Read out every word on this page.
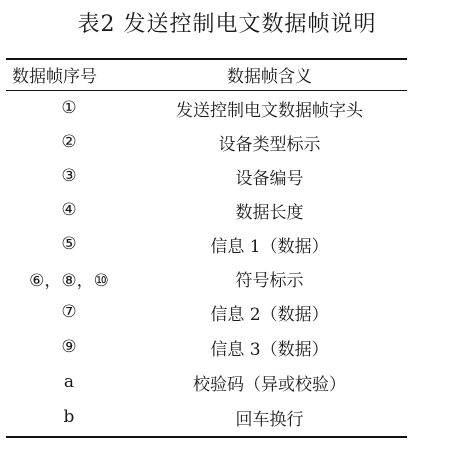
表2 发送控制电文数据帧说明
数据帧序号	数据帧含义
①	发送控制电文数据帧字头
②	设备类型标示
③	设备编号
④	数据长度
⑤	信息 1（数据）
⑥，⑧，⑩	符号标示
⑦	信息 2（数据）
⑨	信息 3（数据）
a	校验码（异或校验）
b	回车换行
